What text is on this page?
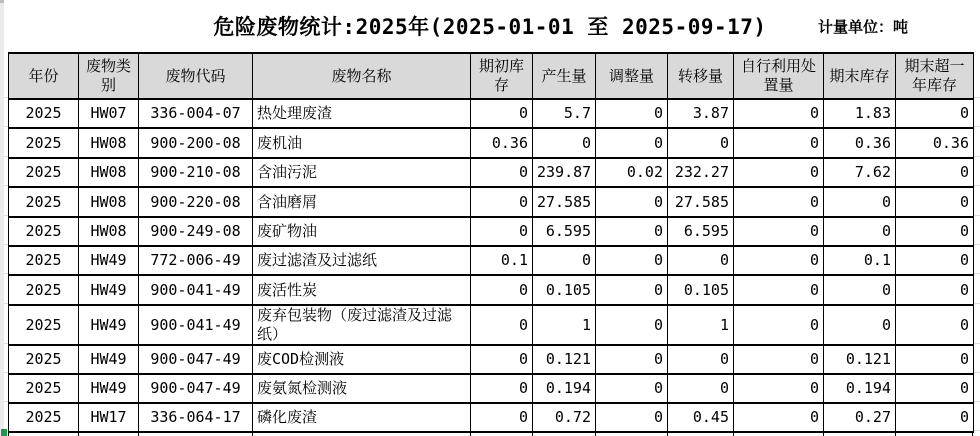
危险废物统计:2025年(2025-01-01 至 2025-09-17)	计量单位：吨
年份	废物类别	废物代码	废物名称	期初库存	产生量	调整量	转移量	自行利用处置量	期末库存	期末超一年库存
2025	HW07	336-004-07	热处理废渣	0	5.7	0	3.87	0	1.83	0
2025	HW08	900-200-08	废机油	0.36	0	0	0	0	0.36	0.36
2025	HW08	900-210-08	含油污泥	0	239.87	0.02	232.27	0	7.62	0
2025	HW08	900-220-08	含油磨屑	0	27.585	0	27.585	0	0	0
2025	HW08	900-249-08	废矿物油	0	6.595	0	6.595	0	0	0
2025	HW49	772-006-49	废过滤渣及过滤纸	0.1	0	0	0	0	0.1	0
2025	HW49	900-041-49	废活性炭	0	0.105	0	0.105	0	0	0
2025	HW49	900-041-49	废弃包装物（废过滤渣及过滤纸）	0	1	0	1	0	0	0
2025	HW49	900-047-49	废COD检测液	0	0.121	0	0	0	0.121	0
2025	HW49	900-047-49	废氨氮检测液	0	0.194	0	0	0	0.194	0
2025	HW17	336-064-17	磷化废渣	0	0.72	0	0.45	0	0.27	0
